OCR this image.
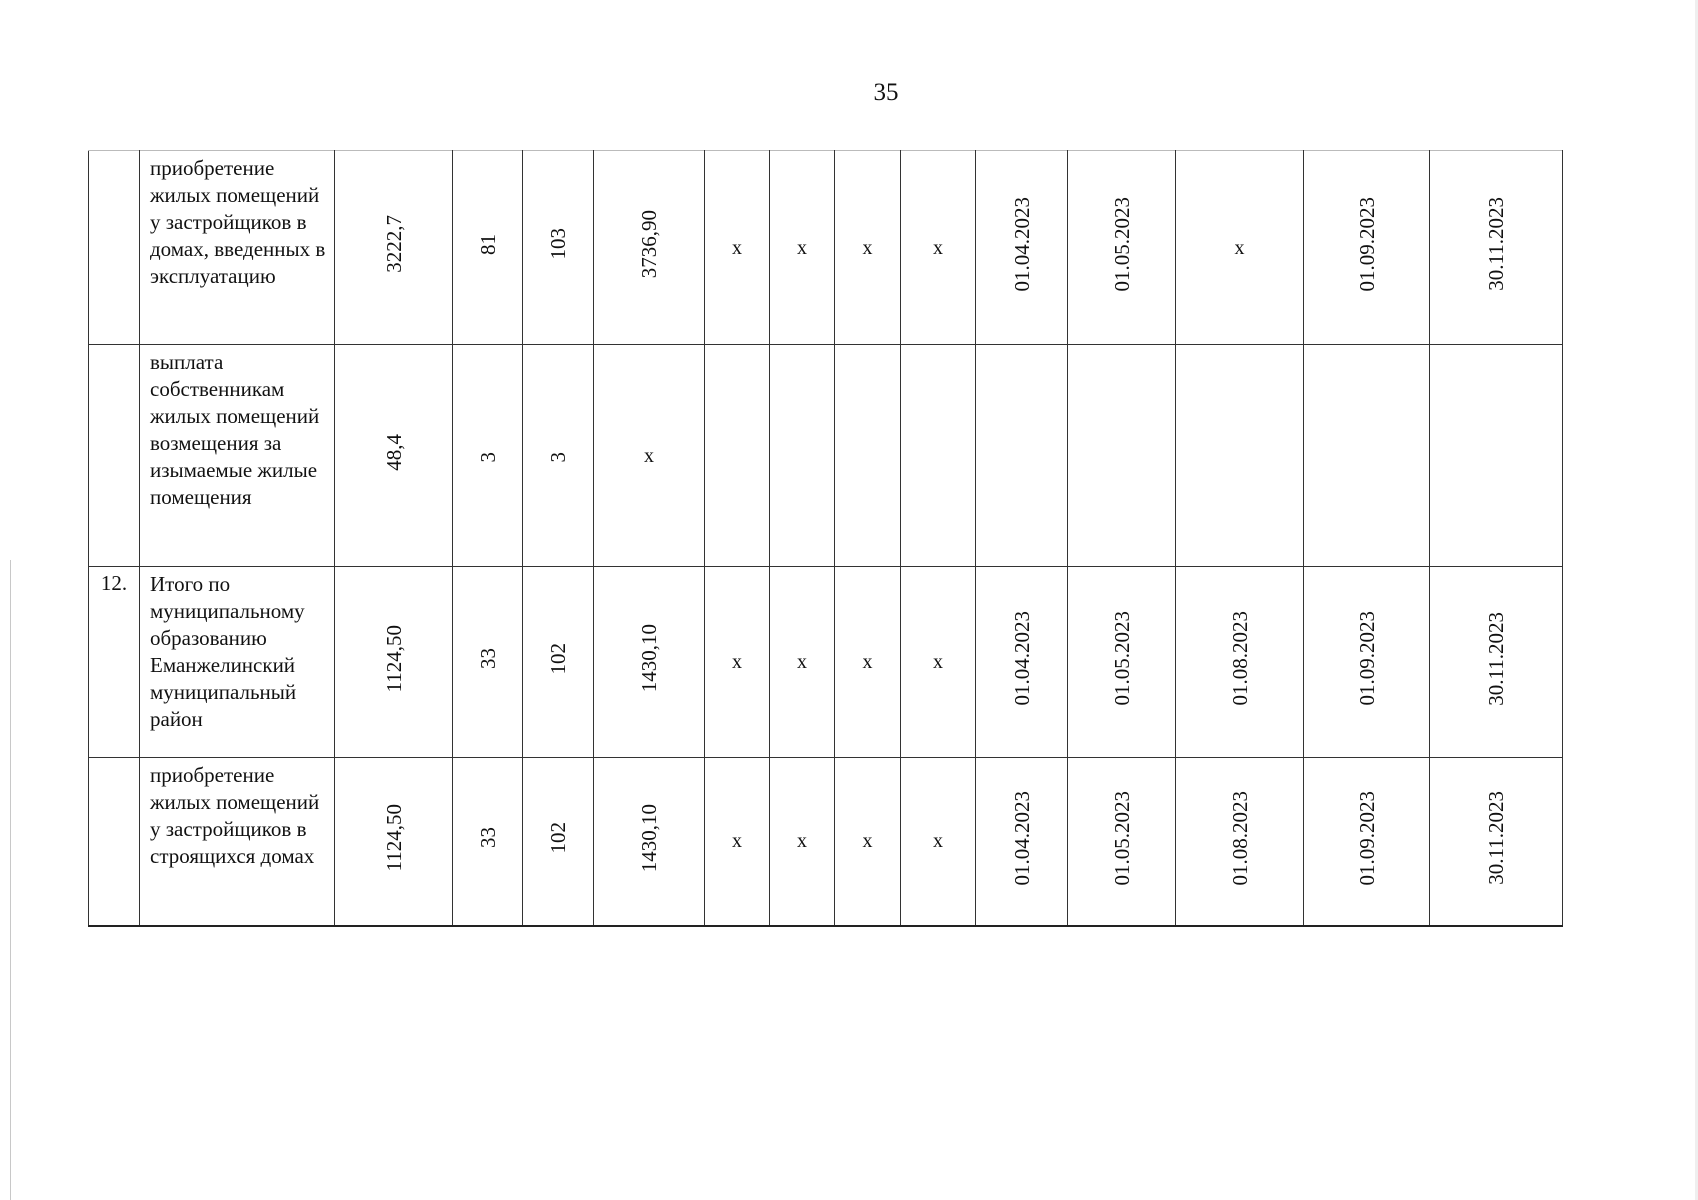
35
	приобретение жилых помещений у застройщиков в домах, введенных в эксплуатацию	3222,7	81	103	3736,90	x	x	x	x	01.04.2023	01.05.2023	x	01.09.2023	30.11.2023
	выплата собственникам жилых помещений возмещения за изымаемые жилые помещения	48,4	3	3	x									
12.	Итого по муниципальному образованию Еманжелинский муниципальный район	1124,50	33	102	1430,10	x	x	x	x	01.04.2023	01.05.2023	01.08.2023	01.09.2023	30.11.2023
	приобретение жилых помещений у застройщиков в строящихся домах	1124,50	33	102	1430,10	x	x	x	x	01.04.2023	01.05.2023	01.08.2023	01.09.2023	30.11.2023
